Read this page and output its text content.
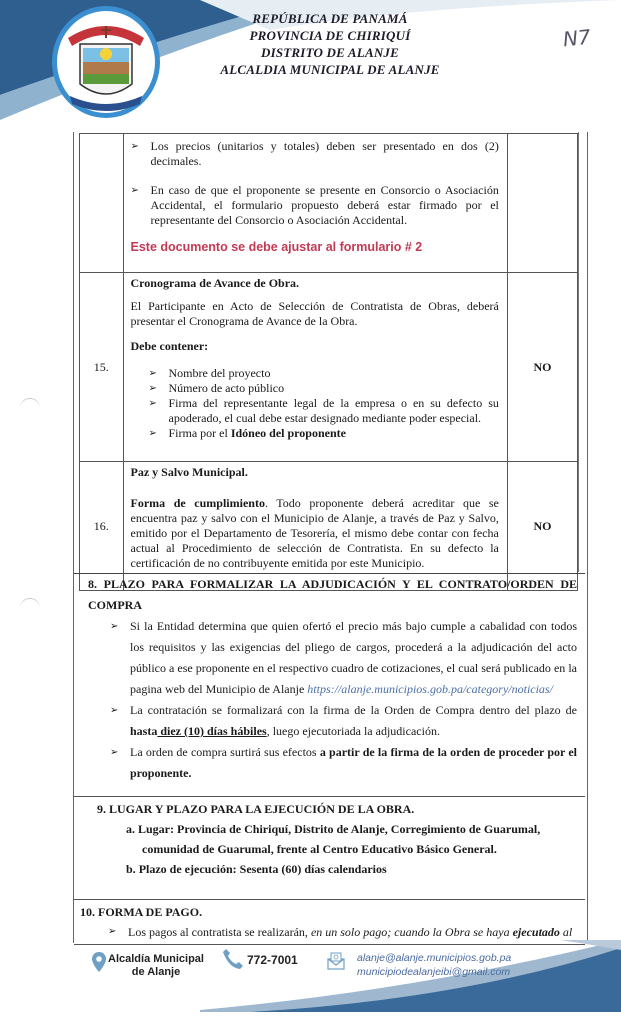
REPÚBLICA DE PANAMÁ
PROVINCIA DE CHIRIQUÍ
DISTRITO DE ALANJE
ALCALDIA MUNICIPAL DE ALANJE
N7

	➢ Los precios (unitarios y totales) deben ser presentado en dos (2) decimales.
➢ En caso de que el proponente se presente en Consorcio o Asociación Accidental, el formulario propuesto deberá estar firmado por el representante del Consorcio o Asociación Accidental.
Este documento se debe ajustar al formulario # 2

15.	
Cronograma de Avance de Obra.
El Participante en Acto de Selección de Contratista de Obras, deberá presentar el Cronograma de Avance de la Obra.
Debe contener:
➢ Nombre del proyecto
➢ Número de acto público
➢ Firma del representante legal de la empresa o en su defecto su apoderado, el cual debe estar designado mediante poder especial.
➢ Firma por el Idóneo del proponente
	NO
16.	Paz y Salvo Municipal.
Forma de cumplimiento. Todo proponente deberá acreditar que se encuentra paz y salvo con el Municipio de Alanje, a través de Paz y Salvo, emitido por el Departamento de Tesorería, el mismo debe contar con fecha actual al Procedimiento de selección de Contratista. En su defecto la certificación de no contribuyente emitida por este Municipio.	NO
8. PLAZO PARA FORMALIZAR LA ADJUDICACIÓN Y EL CONTRATO/ORDEN DE COMPRA
➢ Si la Entidad determina que quien ofertó el precio más bajo cumple a cabalidad con todos los requisitos y las exigencias del pliego de cargos, procederá a la adjudicación del acto público a ese proponente en el respectivo cuadro de cotizaciones, el cual será publicado en la pagina web del Municipio de Alanje https://alanje.municipios.gob.pa/category/noticias/
➢ La contratación se formalizará con la firma de la Orden de Compra dentro del plazo de hasta diez (10) días hábiles, luego ejecutoriada la adjudicación.
➢ La orden de compra surtirá sus efectos a partir de la firma de la orden de proceder por el proponente.
9. LUGAR Y PLAZO PARA LA EJECUCIÓN DE LA OBRA.
a. Lugar: Provincia de Chiriquí, Distrito de Alanje, Corregimiento de Guarumal,
comunidad de Guarumal, frente al Centro Educativo Básico General.
b. Plazo de ejecución: Sesenta (60) días calendarios
10. FORMA DE PAGO.
➢ Los pagos al contratista se realizarán, en un solo pago; cuando la Obra se haya ejecutado al
Alcaldía Municipal
de Alanje
772-7001	alanje@alanje.municipios.gob.pa
municipiodealanjeibi@gmail.com
